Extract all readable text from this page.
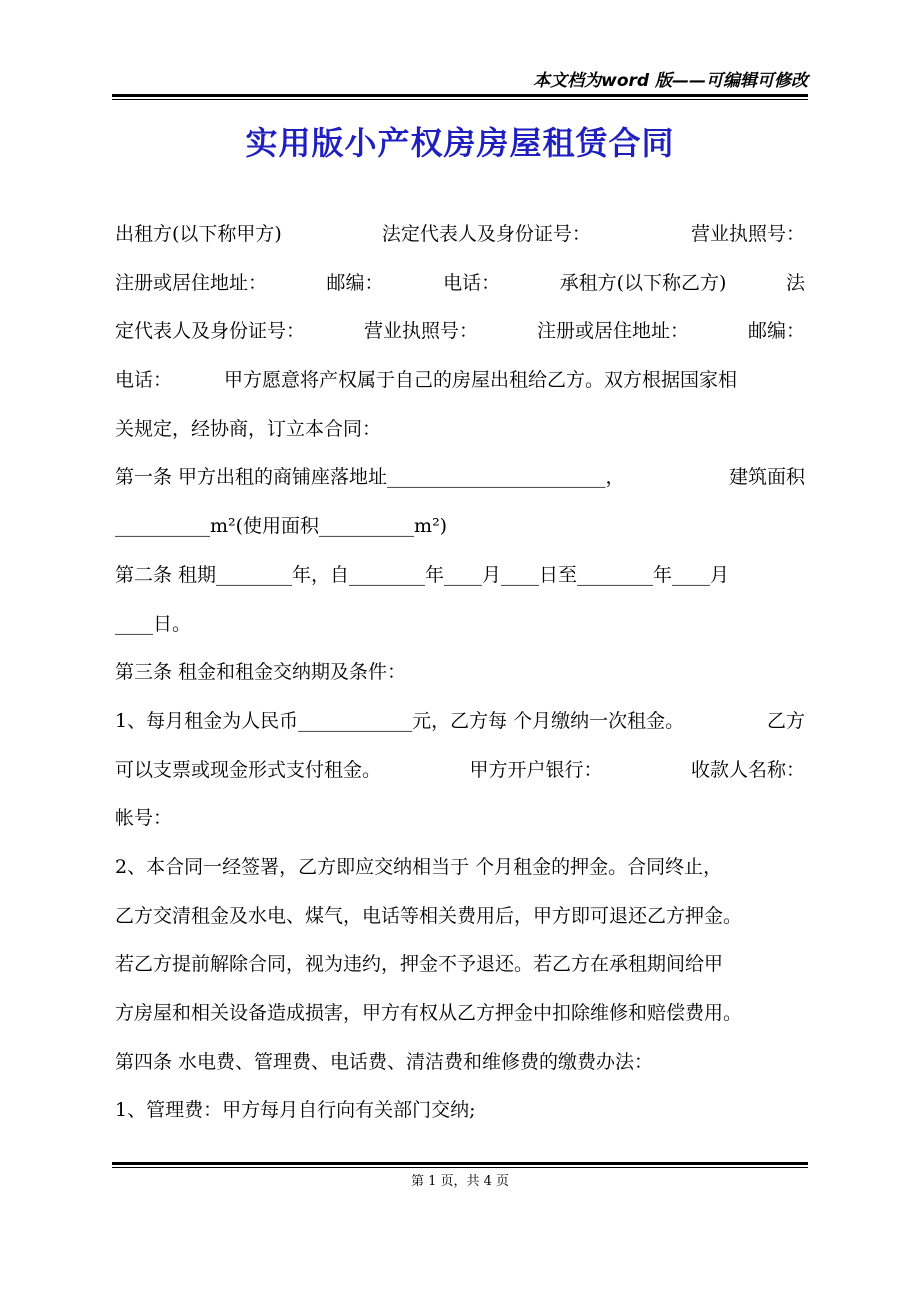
本文档为word 版——可编辑可修改
实用版小产权房房屋租赁合同
出租方(以下称甲方)	法定代表人及身份证号：	营业执照号：
注册或居住地址：	邮编：	电话：	承租方(以下称乙方)	法
定代表人及身份证号：	营业执照号：	注册或居住地址：	邮编：
电话：	甲方愿意将产权属于自己的房屋出租给乙方。双方根据国家相
关规定，经协商，订立本合同：
第一条 甲方出租的商铺座落地址_______________________，	建筑面积
__________m²(使用面积__________m²)
第二条 租期________年，自________年____月____日至________年____月
____日。
第三条 租金和租金交纳期及条件：
1、每月租金为人民币____________元，乙方每 个月缴纳一次租金。	乙方
可以支票或现金形式支付租金。	甲方开户银行：	收款人名称：
帐号：
2、本合同一经签署，乙方即应交纳相当于 个月租金的押金。合同终止，
乙方交清租金及水电、煤气，电话等相关费用后，甲方即可退还乙方押金。
若乙方提前解除合同，视为违约，押金不予退还。若乙方在承租期间给甲
方房屋和相关设备造成损害，甲方有权从乙方押金中扣除维修和赔偿费用。
第四条 水电费、管理费、电话费、清洁费和维修费的缴费办法：
1、管理费：甲方每月自行向有关部门交纳;
第 1 页，共 4 页
